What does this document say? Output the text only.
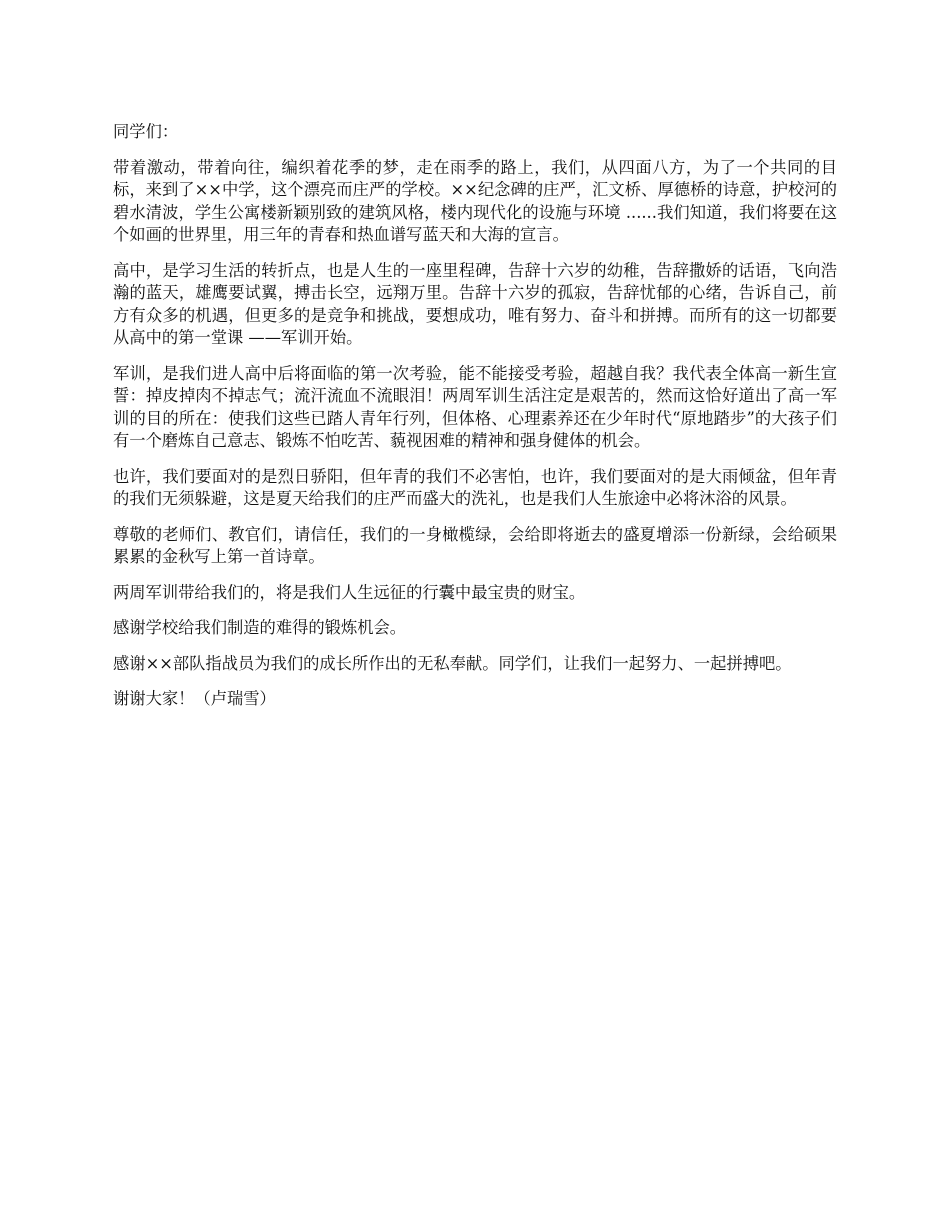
同学们：

带着激动，带着向往，编织着花季的梦，走在雨季的路上，我们，从四面八方，为了一个共同的目标，来到了××中学，这个漂亮而庄严的学校。××纪念碑的庄严，汇文桥、厚德桥的诗意，护校河的碧水清波，学生公寓楼新颖别致的建筑风格，楼内现代化的设施与环境 ......我们知道，我们将要在这个如画的世界里，用三年的青春和热血谱写蓝天和大海的宣言。

高中，是学习生活的转折点，也是人生的一座里程碑，告辞十六岁的幼稚，告辞撒娇的话语，飞向浩瀚的蓝天，雄鹰要试翼，搏击长空，远翔万里。告辞十六岁的孤寂，告辞忧郁的心绪，告诉自己，前方有众多的机遇，但更多的是竞争和挑战，要想成功，唯有努力、奋斗和拼搏。而所有的这一切都要从高中的第一堂课 ——军训开始。

军训，是我们进人高中后将面临的第一次考验，能不能接受考验，超越自我？我代表全体高一新生宣誓：掉皮掉肉不掉志气；流汗流血不流眼泪！两周军训生活注定是艰苦的，然而这恰好道出了高一军训的目的所在：使我们这些已踏人青年行列，但体格、心理素养还在少年时代“原地踏步”的大孩子们有一个磨炼自己意志、锻炼不怕吃苦、藐视困难的精神和强身健体的机会。

也许，我们要面对的是烈日骄阳，但年青的我们不必害怕，也许，我们要面对的是大雨倾盆，但年青的我们无须躲避，这是夏天给我们的庄严而盛大的洗礼，也是我们人生旅途中必将沐浴的风景。

尊敬的老师们、教官们，请信任，我们的一身橄榄绿，会给即将逝去的盛夏增添一份新绿，会给硕果累累的金秋写上第一首诗章。

两周军训带给我们的，将是我们人生远征的行囊中最宝贵的财宝。

感谢学校给我们制造的难得的锻炼机会。

感谢××部队指战员为我们的成长所作出的无私奉献。同学们，让我们一起努力、一起拼搏吧。

谢谢大家！（卢瑞雪）
